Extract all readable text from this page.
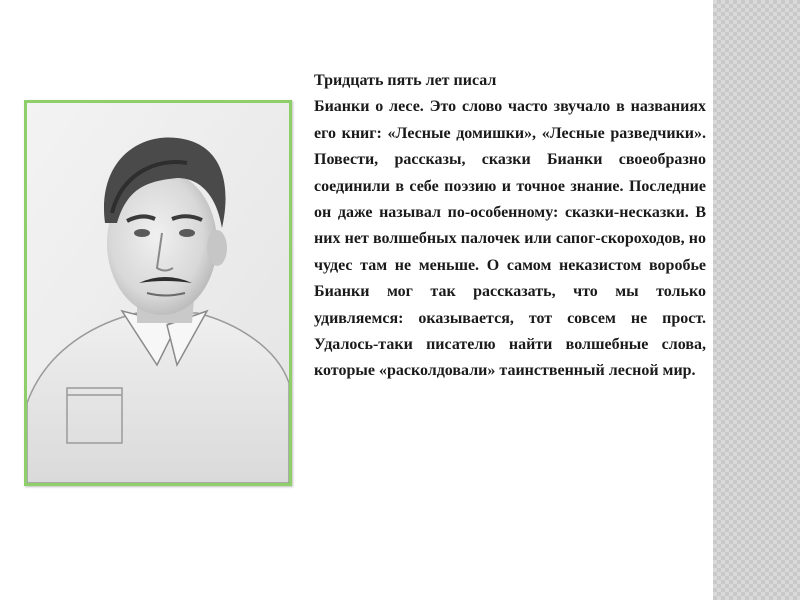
Тридцать пять лет писал
Бианки о лесе. Это слово часто звучало в названиях его книг: «Лесные домишки», «Лесные разведчики». Повести, рассказы, сказки Бианки своеобразно соединили в себе поэзию и точное знание. Последние он даже называл по-особенному: сказки-несказки. В них нет волшебных палочек или сапог-скороходов, но чудес там не меньше. О самом неказистом воробье Бианки мог так рассказать, что мы только удивляемся: оказывается, тот совсем не прост. Удалось-таки писателю найти волшебные слова, которые «расколдовали» таинственный лесной мир.
